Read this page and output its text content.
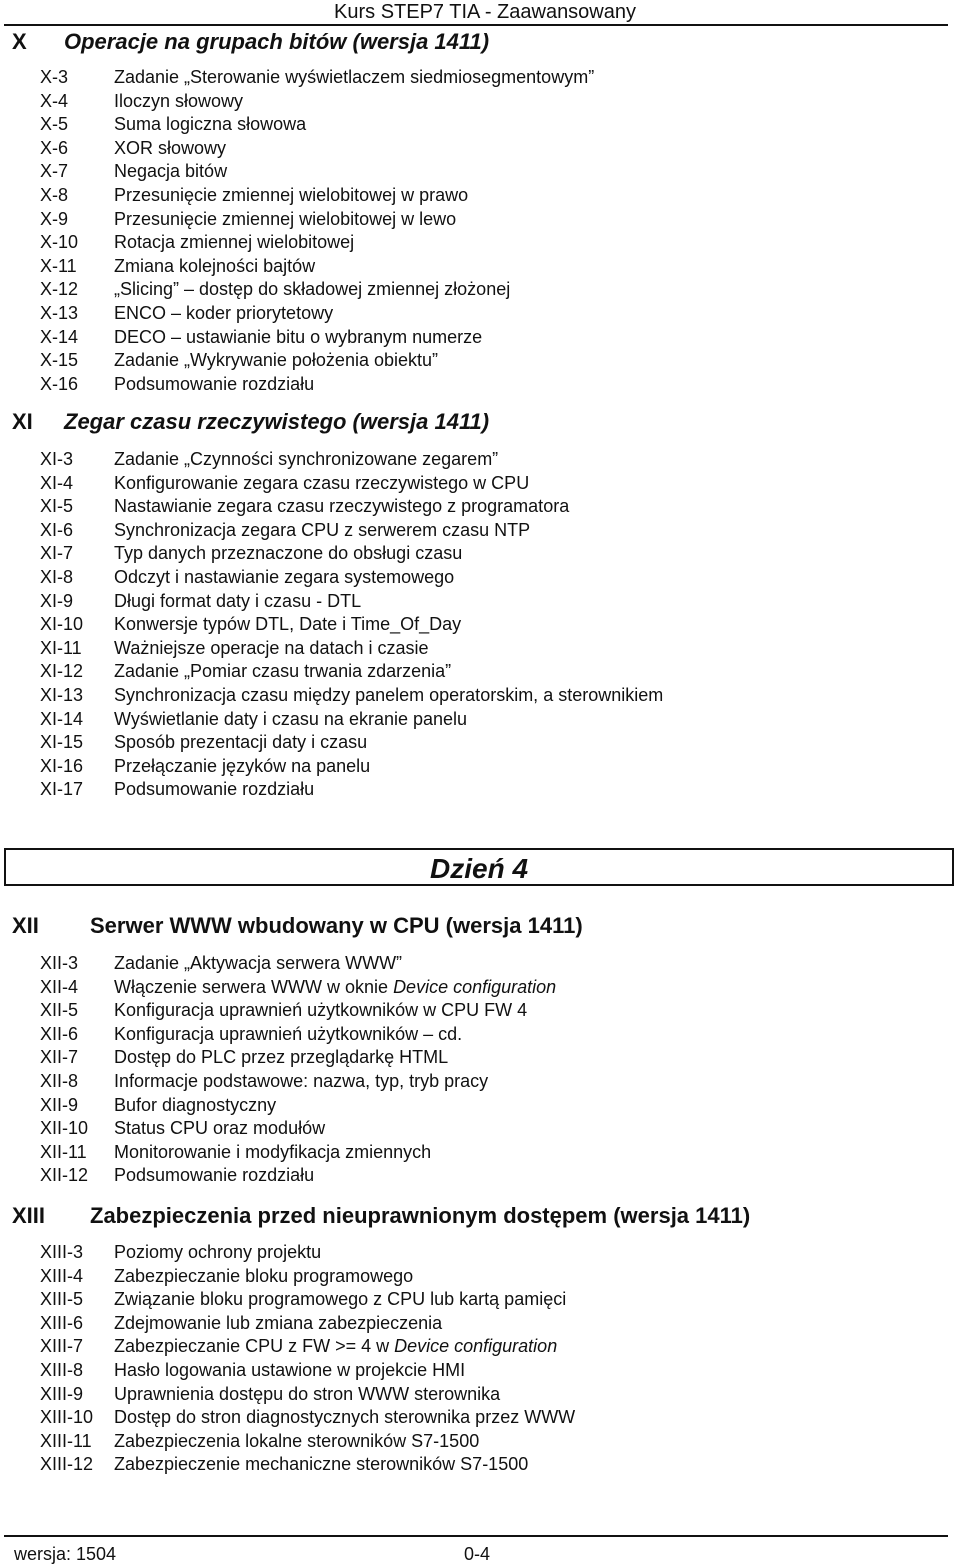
Kurs STEP7 TIA - Zaawansowany
X Operacje na grupach bitów (wersja 1411)
X-3	Zadanie „Sterowanie wyświetlaczem siedmiosegmentowym”
X-4	Iloczyn słowowy
X-5	Suma logiczna słowowa
X-6	XOR słowowy
X-7	Negacja bitów
X-8	Przesunięcie zmiennej wielobitowej w prawo
X-9	Przesunięcie zmiennej wielobitowej w lewo
X-10 Rotacja zmiennej wielobitowej
X-11 Zmiana kolejności bajtów
X-12 „Slicing” – dostęp do składowej zmiennej złożonej
X-13 ENCO – koder priorytetowy
X-14 DECO – ustawianie bitu o wybranym numerze
X-15 Zadanie „Wykrywanie położenia obiektu”
X-16 Podsumowanie rozdziału
XI Zegar czasu rzeczywistego (wersja 1411)
XI-3 Zadanie „Czynności synchronizowane zegarem”
XI-4 Konfigurowanie zegara czasu rzeczywistego w CPU
XI-5 Nastawianie zegara czasu rzeczywistego z programatora
XI-6 Synchronizacja zegara CPU z serwerem czasu NTP
XI-7 Typ danych przeznaczone do obsługi czasu
XI-8 Odczyt i nastawianie zegara systemowego
XI-9 Długi format daty i czasu - DTL
XI-10 Konwersje typów DTL, Date i Time_Of_Day
XI-11 Ważniejsze operacje na datach i czasie
XI-12 Zadanie „Pomiar czasu trwania zdarzenia”
XI-13 Synchronizacja czasu między panelem operatorskim, a sterownikiem
XI-14 Wyświetlanie daty i czasu na ekranie panelu
XI-15 Sposób prezentacji daty i czasu
XI-16 Przełączanie języków na panelu
XI-17 Podsumowanie rozdziału
Dzień 4
XII Serwer WWW wbudowany w CPU (wersja 1411)
XII-3 Zadanie „Aktywacja serwera WWW”
XII-4 Włączenie serwera WWW w oknie Device configuration
XII-5 Konfiguracja uprawnień użytkowników w CPU FW 4
XII-6 Konfiguracja uprawnień użytkowników – cd.
XII-7 Dostęp do PLC przez przeglądarkę HTML
XII-8 Informacje podstawowe: nazwa, typ, tryb pracy
XII-9 Bufor diagnostyczny
XII-10 Status CPU oraz modułów
XII-11 Monitorowanie i modyfikacja zmiennych
XII-12 Podsumowanie rozdziału
XIII Zabezpieczenia przed nieuprawnionym dostępem (wersja 1411)
XIII-3 Poziomy ochrony projektu
XIII-4 Zabezpieczanie bloku programowego
XIII-5 Związanie bloku programowego z CPU lub kartą pamięci
XIII-6 Zdejmowanie lub zmiana zabezpieczenia
XIII-7 Zabezpieczanie CPU z FW >= 4 w Device configuration
XIII-8 Hasło logowania ustawione w projekcie HMI
XIII-9 Uprawnienia dostępu do stron WWW sterownika
XIII-10 Dostęp do stron diagnostycznych sterownika przez WWW
XIII-11 Zabezpieczenia lokalne sterowników S7-1500
XIII-12 Zabezpieczenie mechaniczne sterowników S7-1500
wersja: 1504	0-4
